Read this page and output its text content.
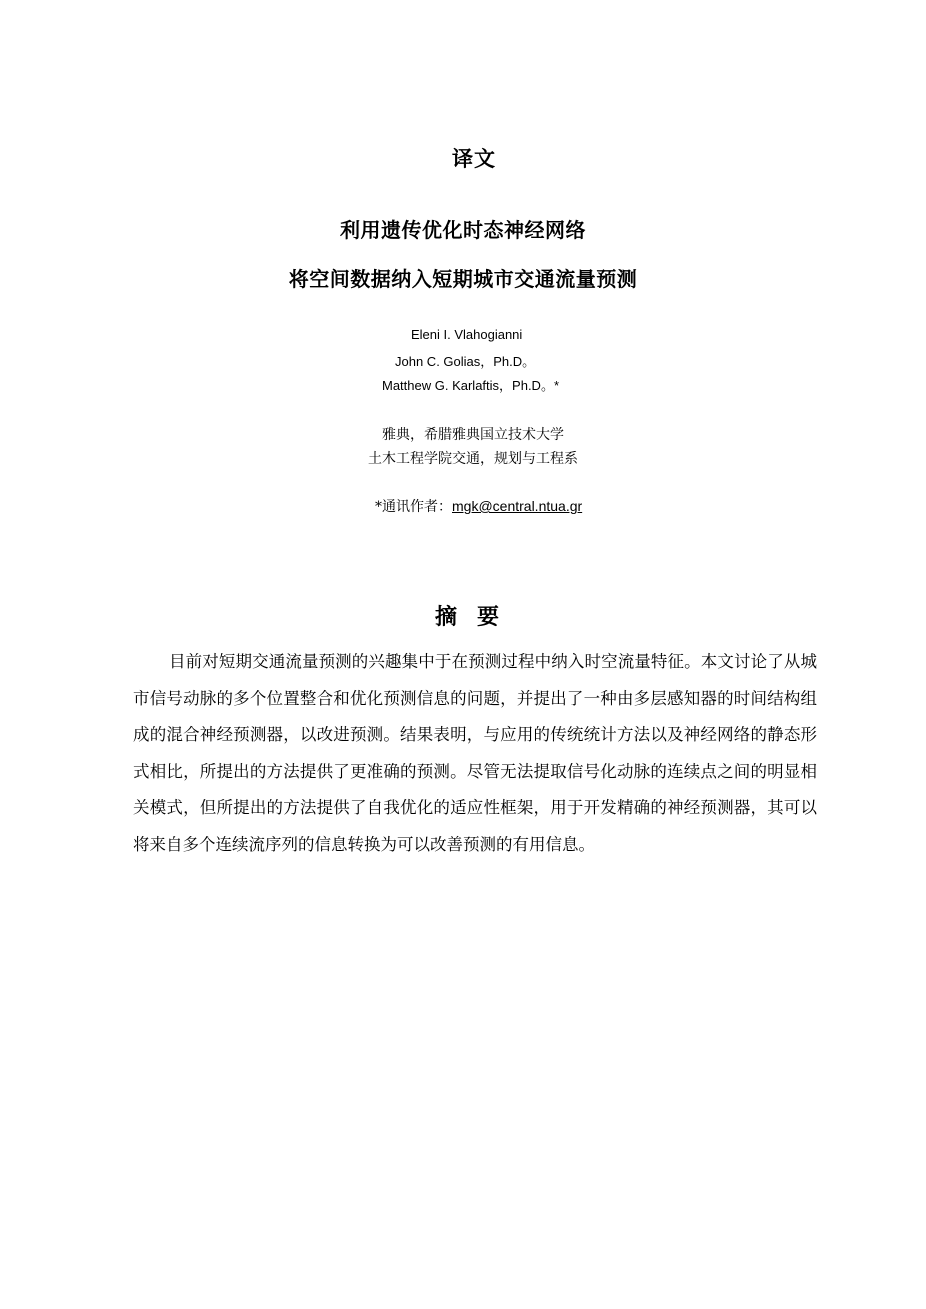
译文
利用遗传优化时态神经网络
将空间数据纳入短期城市交通流量预测
Eleni I. Vlahogianni
John C. Golias，Ph.D。
Matthew G. Karlaftis，Ph.D。*
雅典，希腊雅典国立技术大学
土木工程学院交通，规划与工程系
*通讯作者：mgk@central.ntua.gr
摘要
目前对短期交通流量预测的兴趣集中于在预测过程中纳入时空流量特征。本文讨论了从城市信号动脉的多个位置整合和优化预测信息的问题，并提出了一种由多层感知器的时间结构组成的混合神经预测器，以改进预测。结果表明，与应用的传统统计方法以及神经网络的静态形式相比，所提出的方法提供了更准确的预测。尽管无法提取信号化动脉的连续点之间的明显相关模式，但所提出的方法提供了自我优化的适应性框架，用于开发精确的神经预测器，其可以将来自多个连续流序列的信息转换为可以改善预测的有用信息。
